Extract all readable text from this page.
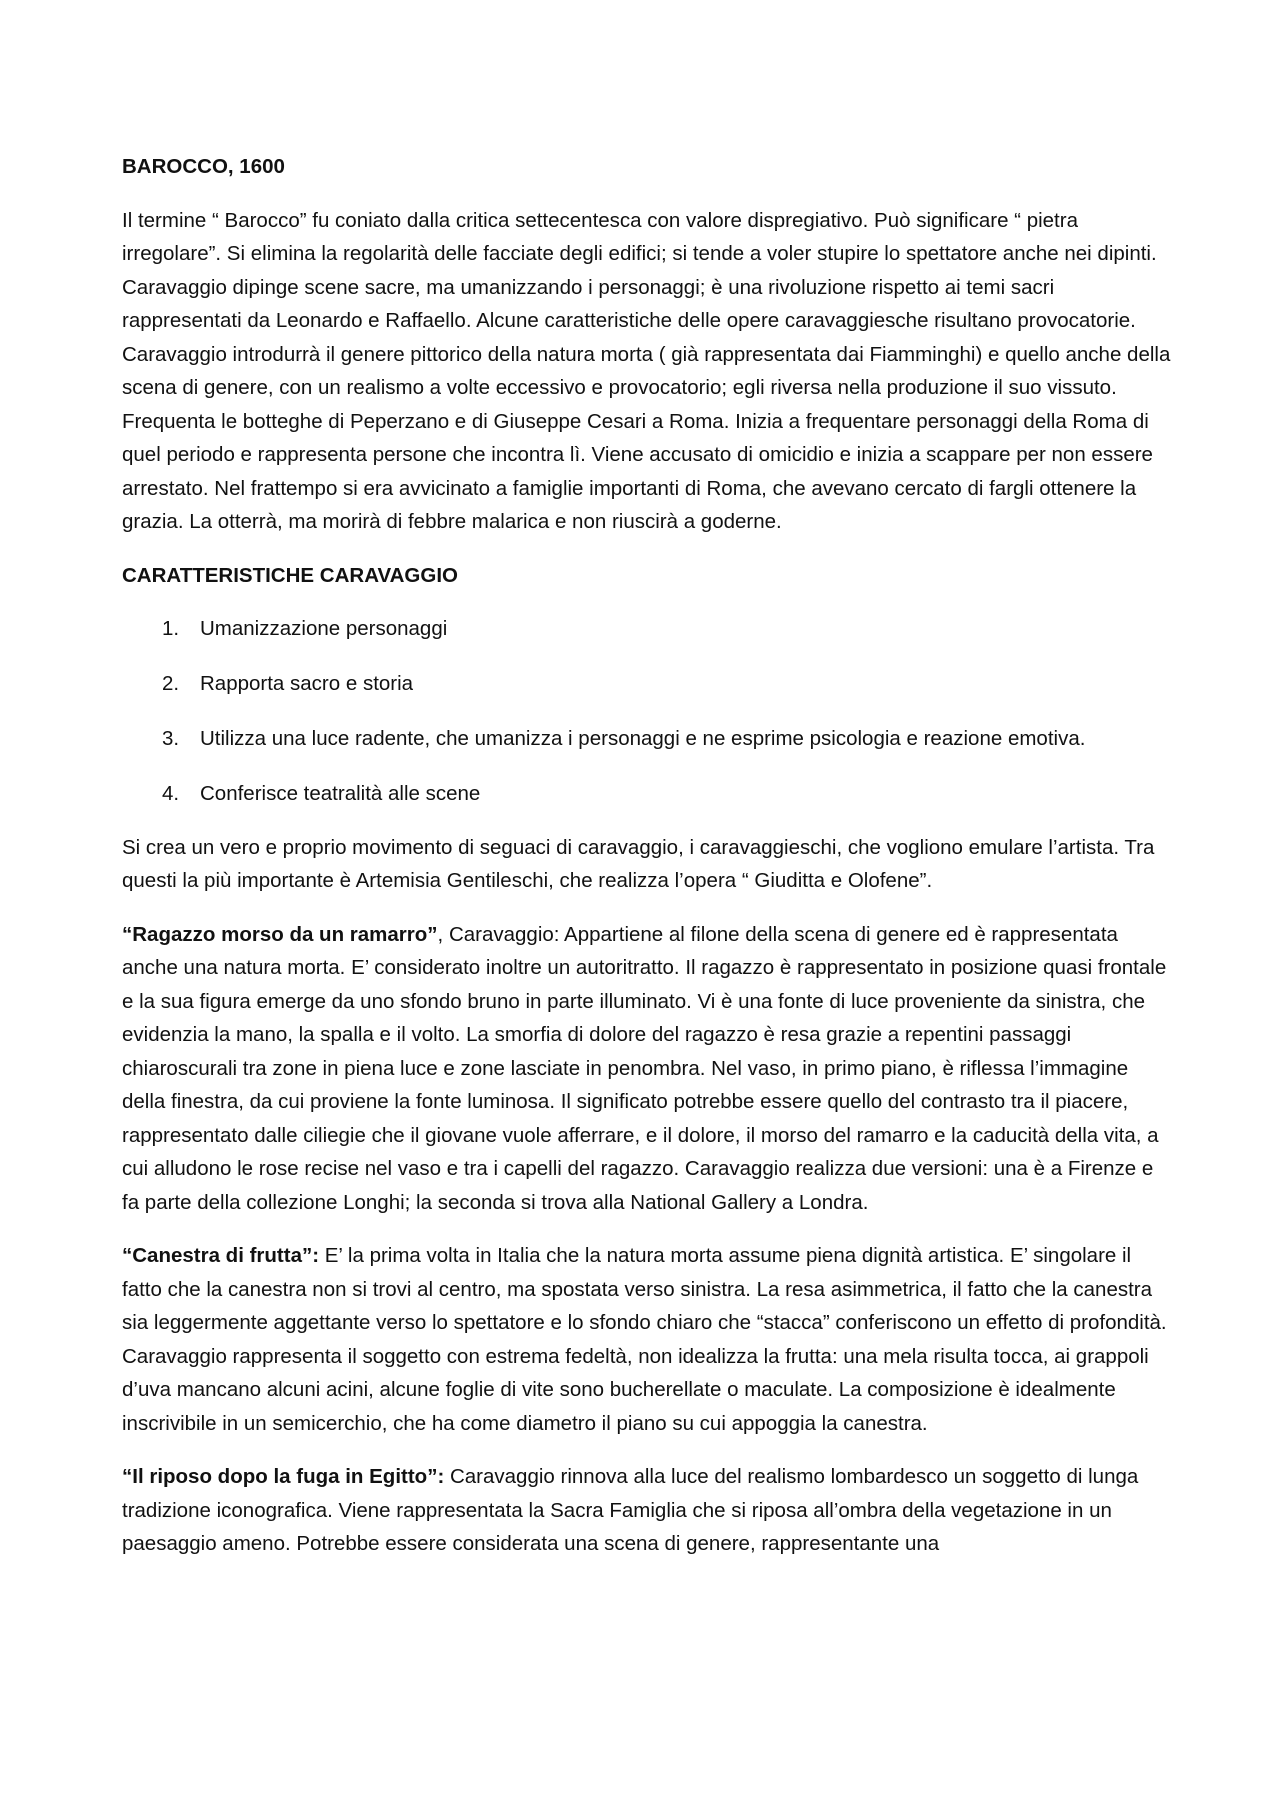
BAROCCO, 1600

Il termine “ Barocco” fu coniato dalla critica settecentesca con valore dispregiativo. Può significare “ pietra irregolare”. Si elimina la regolarità delle facciate degli edifici; si tende a voler stupire lo spettatore anche nei dipinti. Caravaggio dipinge scene sacre, ma umanizzando i personaggi; è una rivoluzione rispetto ai temi sacri rappresentati da Leonardo e Raffaello. Alcune caratteristiche delle opere caravaggiesche risultano provocatorie. Caravaggio introdurrà il genere pittorico della natura morta ( già rappresentata dai Fiamminghi) e quello anche della scena di genere, con un realismo a volte eccessivo e provocatorio; egli riversa nella produzione il suo vissuto. Frequenta le botteghe di Peperzano e di Giuseppe Cesari a Roma. Inizia a frequentare personaggi della Roma di quel periodo e rappresenta persone che incontra lì. Viene accusato di omicidio e inizia a scappare per non essere arrestato. Nel frattempo si era avvicinato a famiglie importanti di Roma, che avevano cercato di fargli ottenere la grazia. La otterrà, ma morirà di febbre malarica e non riuscirà a goderne.

CARATTERISTICHE CARAVAGGIO
1. Umanizzazione personaggi
2. Rapporta sacro e storia
3. Utilizza una luce radente, che umanizza i personaggi e ne esprime psicologia e reazione emotiva.
4. Conferisce teatralità alle scene

Si crea un vero e proprio movimento di seguaci di caravaggio, i caravaggieschi, che vogliono emulare l’artista. Tra questi la più importante è Artemisia Gentileschi, che realizza l’opera “ Giuditta e Olofene”.

“Ragazzo morso da un ramarro”, Caravaggio: Appartiene al filone della scena di genere ed è rappresentata anche una natura morta. E’ considerato inoltre un autoritratto. Il ragazzo è rappresentato in posizione quasi frontale e la sua figura emerge da uno sfondo bruno in parte illuminato. Vi è una fonte di luce proveniente da sinistra, che evidenzia la mano, la spalla e il volto. La smorfia di dolore del ragazzo è resa grazie a repentini passaggi chiaroscurali tra zone in piena luce e zone lasciate in penombra. Nel vaso, in primo piano, è riflessa l’immagine della finestra, da cui proviene la fonte luminosa. Il significato potrebbe essere quello del contrasto tra il piacere, rappresentato dalle ciliegie che il giovane vuole afferrare, e il dolore, il morso del ramarro e la caducità della vita, a cui alludono le rose recise nel vaso e tra i capelli del ragazzo. Caravaggio realizza due versioni: una è a Firenze e fa parte della collezione Longhi; la seconda si trova alla National Gallery a Londra.

“Canestra di frutta”: E’ la prima volta in Italia che la natura morta assume piena dignità artistica. E’ singolare il fatto che la canestra non si trovi al centro, ma spostata verso sinistra. La resa asimmetrica, il fatto che la canestra sia leggermente aggettante verso lo spettatore e lo sfondo chiaro che “stacca” conferiscono un effetto di profondità. Caravaggio rappresenta il soggetto con estrema fedeltà, non idealizza la frutta: una mela risulta tocca, ai grappoli d’uva mancano alcuni acini, alcune foglie di vite sono bucherellate o maculate. La composizione è idealmente inscrivibile in un semicerchio, che ha come diametro il piano su cui appoggia la canestra.

“Il riposo dopo la fuga in Egitto”: Caravaggio rinnova alla luce del realismo lombardesco un soggetto di lunga tradizione iconografica. Viene rappresentata la Sacra Famiglia che si riposa all’ombra della vegetazione in un paesaggio ameno. Potrebbe essere considerata una scena di genere, rappresentante una
